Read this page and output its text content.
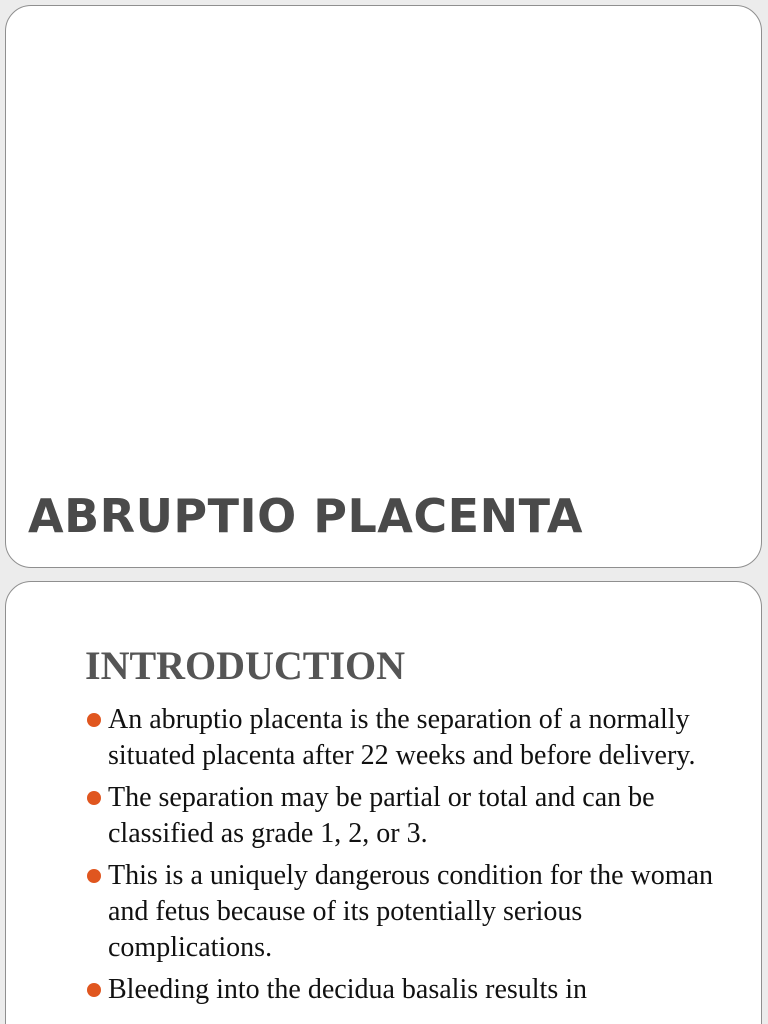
ABRUPTIO PLACENTA
INTRODUCTION
An abruptio placenta is the separation of a normally situated placenta after 22 weeks and before delivery.
The separation may be partial or total and can be classified as grade 1, 2, or 3.
This is a uniquely dangerous condition for the woman and fetus because of its potentially serious complications.
Bleeding into the decidua basalis results in
